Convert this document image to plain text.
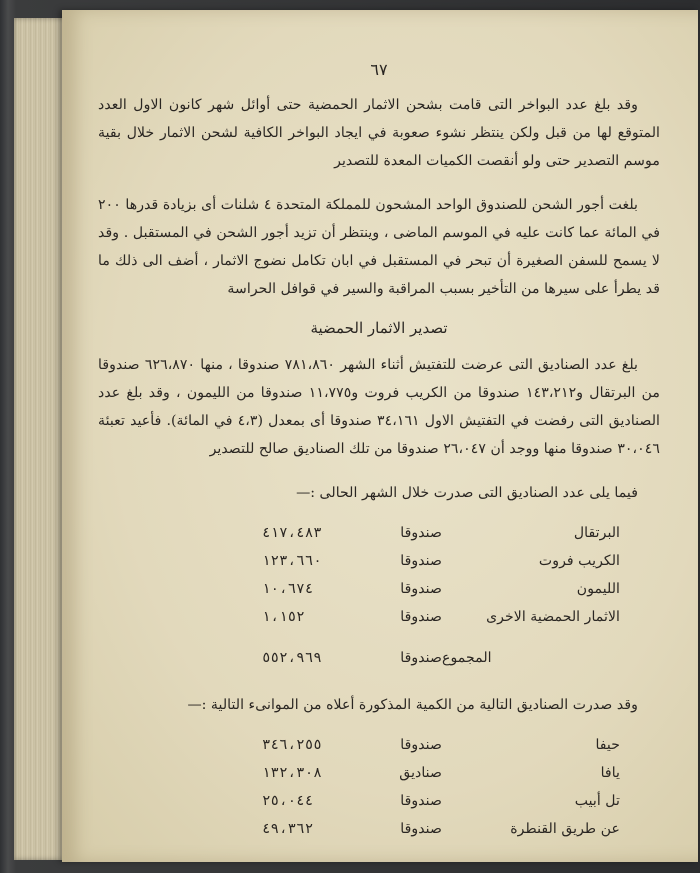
٦٧

وقد بلغ عدد البواخر التى قامت بشحن الاثمار الحمضية حتى أوائل شهر كانون الاول العدد المتوقع لها من قبل ولكن ينتظر نشوء صعوبة في ايجاد البواخر الكافية لشحن الاثمار خلال بقية موسم التصدير حتى ولو أنقصت الكميات المعدة للتصدير

بلغت أجور الشحن للصندوق الواحد المشحون للمملكة المتحدة ٤ شلنات أى بزيادة قدرها ٢٠٠ في المائة عما كانت عليه في الموسم الماضى ، وينتظر أن تزيد أجور الشحن في المستقبل . وقد لا يسمح للسفن الصغيرة أن تبحر في المستقبل في ابان تكامل نضوج الاثمار ، أضف الى ذلك ما قد يطرأ على سيرها من التأخير بسبب المراقبة والسير في قوافل الحراسة

تصدير الاثمار الحمضية

بلغ عدد الصناديق التى عرضت للتفتيش أثناء الشهر ٧٨١،٨٦٠ صندوقا ، منها ٦٢٦،٨٧٠ صندوقا من البرتقال و١٤٣،٢١٢ صندوقا من الكريب فروت و١١،٧٧٥ صندوقا من الليمون ، وقد بلغ عدد الصناديق التى رفضت في التفتيش الاول ٣٤،١٦١ صندوقا أى بمعدل (٤،٣ في المائة). فأعيد تعبئة ٣٠،٠٤٦ صندوقا منها ووجد أن ٢٦،٠٤٧ صندوقا من تلك الصناديق صالح للتصدير

فيما يلى عدد الصناديق التى صدرت خلال الشهر الحالى :—
البرتقال	صندوقا	٤١٧،٤٨٣
الكريب فروت	صندوقا	١٢٣،٦٦٠
الليمون	صندوقا	١٠،٦٧٤
الاثمار الحمضية الاخرى	صندوقا	١،١٥٢
المجموع	صندوقا	٥٥٢،٩٦٩
وقد صدرت الصناديق التالية من الكمية المذكورة أعلاه من الموانىء التالية :—
حيفا	صندوقا	٣٤٦،٢٥٥
يافا	صناديق	١٣٢،٣٠٨
تل أبيب	صندوقا	٢٥،٠٤٤
عن طريق القنطرة	صندوقا	٤٩،٣٦٢
